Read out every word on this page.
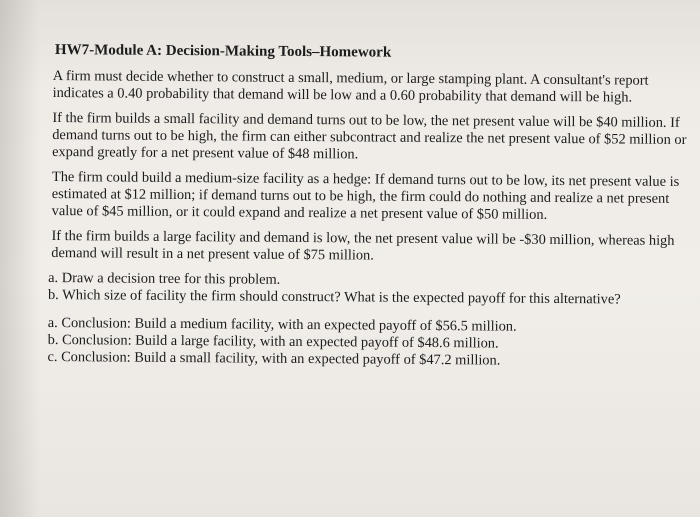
HW7-Module A: Decision-Making Tools–Homework
A firm must decide whether to construct a small, medium, or large stamping plant. A consultant's report indicates a 0.40 probability that demand will be low and a 0.60 probability that demand will be high.
If the firm builds a small facility and demand turns out to be low, the net present value will be $40 million. If demand turns out to be high, the firm can either subcontract and realize the net present value of $52 million or expand greatly for a net present value of $48 million.
The firm could build a medium-size facility as a hedge: If demand turns out to be low, its net present value is estimated at $12 million; if demand turns out to be high, the firm could do nothing and realize a net present value of $45 million, or it could expand and realize a net present value of $50 million.
If the firm builds a large facility and demand is low, the net present value will be -$30 million, whereas high demand will result in a net present value of $75 million.
a. Draw a decision tree for this problem.
b. Which size of facility the firm should construct? What is the expected payoff for this alternative?
a. Conclusion: Build a medium facility, with an expected payoff of $56.5 million.
b. Conclusion: Build a large facility, with an expected payoff of $48.6 million.
c. Conclusion: Build a small facility, with an expected payoff of $47.2 million.
